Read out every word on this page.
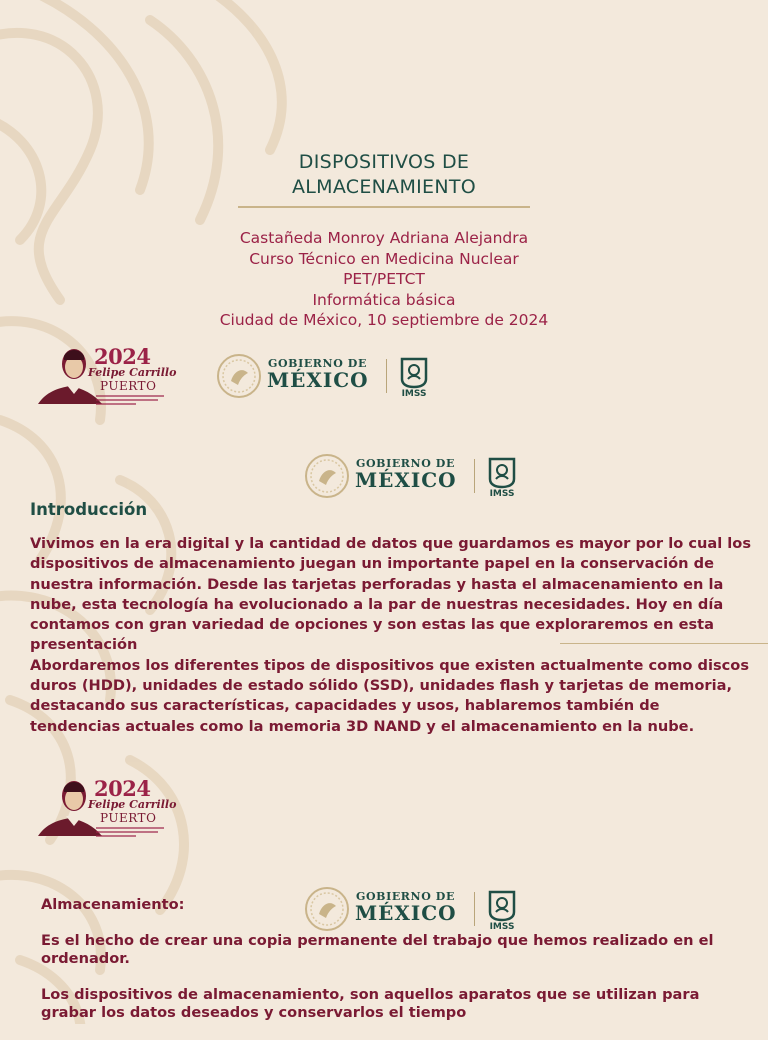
DISPOSITIVOS DE
ALMACENAMIENTO
Castañeda Monroy Adriana Alejandra
Curso Técnico en Medicina Nuclear
PET/PETCT
Informática básica
Ciudad de México, 10 septiembre de 2024
2024
Felipe Carrillo
PUERTO
GOBIERNO DE
MÉXICO
IMSS
GOBIERNO DE
MÉXICO
IMSS
Introducción

Vivimos en la era digital y la cantidad de datos que guardamos es mayor por lo cual los dispositivos de almacenamiento juegan un importante papel en la conservación de nuestra información. Desde las tarjetas perforadas y hasta el almacenamiento en la nube, esta tecnología ha evolucionado a la par de nuestras necesidades. Hoy en día contamos con gran variedad de opciones y son estas las que exploraremos en esta presentación

Abordaremos los diferentes tipos de dispositivos que existen actualmente como discos duros (HDD), unidades de estado sólido (SSD), unidades flash y tarjetas de memoria, destacando sus características, capacidades y usos, hablaremos también de tendencias actuales como la memoria 3D NAND y el almacenamiento en la nube.

2024
Felipe Carrillo
PUERTO
GOBIERNO DE
MÉXICO
IMSS
Almacenamiento:

Es el hecho de crear una copia permanente del trabajo que hemos realizado en el ordenador.

Los dispositivos de almacenamiento, son aquellos aparatos que se utilizan para grabar los datos deseados y conservarlos el tiempo
